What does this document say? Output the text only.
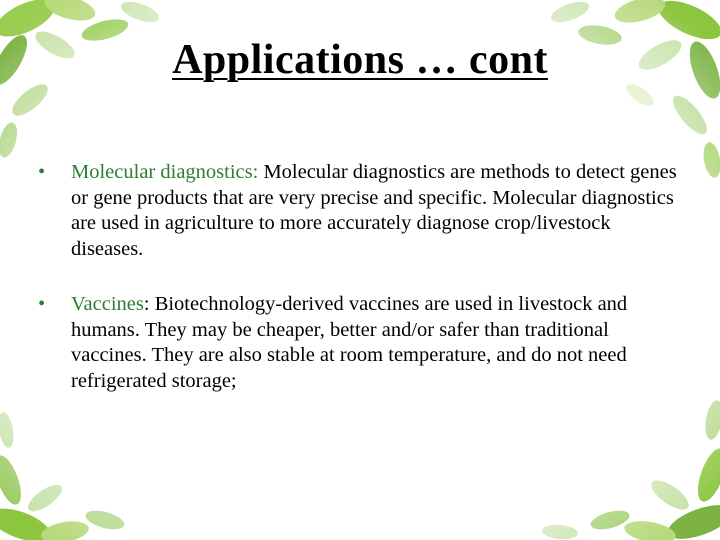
Applications … cont
• Molecular diagnostics: Molecular diagnostics are methods to detect genes or gene products that are very precise and specific. Molecular diagnostics are used in agriculture to more accurately diagnose crop/livestock diseases.
• Vaccines: Biotechnology-derived vaccines are used in livestock and humans. They may be cheaper, better and/or safer than traditional vaccines. They are also stable at room temperature, and do not need refrigerated storage;
